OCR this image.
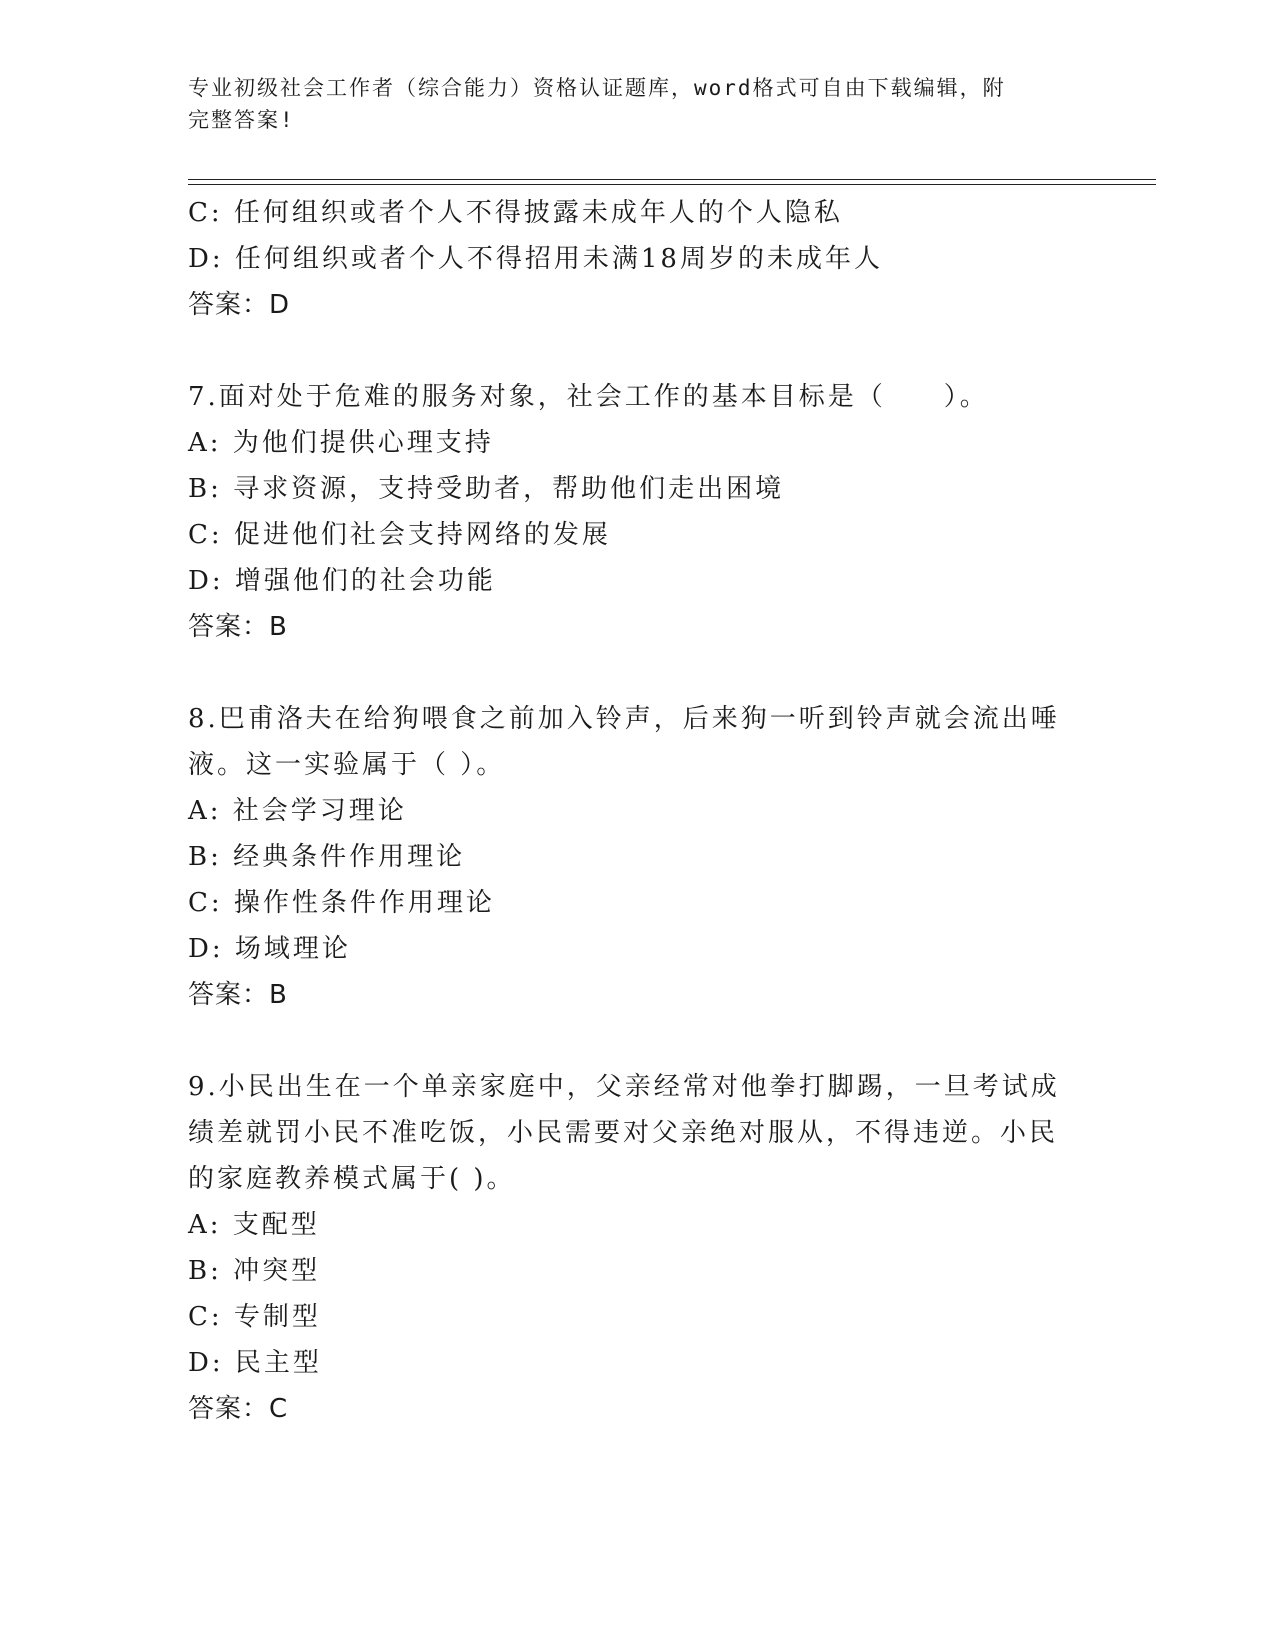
专业初级社会工作者（综合能力）资格认证题库，word格式可自由下载编辑，附
完整答案!
C: 任何组织或者个人不得披露未成年人的个人隐私
D: 任何组织或者个人不得招用未满18周岁的未成年人
答案：D
7.面对处于危难的服务对象，社会工作的基本目标是（　　）。
A: 为他们提供心理支持
B: 寻求资源，支持受助者，帮助他们走出困境
C: 促进他们社会支持网络的发展
D: 增强他们的社会功能
答案：B
8.巴甫洛夫在给狗喂食之前加入铃声，后来狗一听到铃声就会流出唾
液。这一实验属于（ ）。
A: 社会学习理论
B: 经典条件作用理论
C: 操作性条件作用理论
D: 场域理论
答案：B
9.小民出生在一个单亲家庭中，父亲经常对他拳打脚踢，一旦考试成
绩差就罚小民不准吃饭，小民需要对父亲绝对服从，不得违逆。小民
的家庭教养模式属于( )。
A: 支配型
B: 冲突型
C: 专制型
D: 民主型
答案：C
